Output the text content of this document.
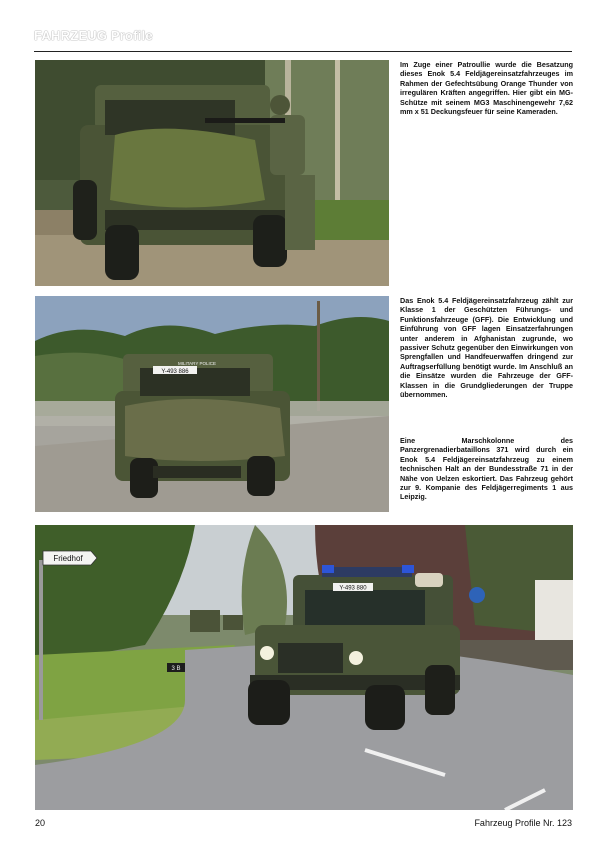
FAHRZEUG Profile
Im Zuge einer Patroullie wurde die Besatzung dieses Enok 5.4 Feldjägereinsatzfahrzeuges im Rahmen der Gefechtsübung Orange Thunder von irregulären Kräften angegriffen. Hier gibt ein MG-Schütze mit seinem MG3 Maschinengewehr 7,62 mm x 51 Deckungsfeuer für seine Kameraden.
Y-493 886
MILITARY POLICE
Das Enok 5.4 Feldjägereinsatzfahrzeug zählt zur Klasse 1 der Geschützten Führungs- und Funktionsfahrzeuge (GFF). Die Entwicklung und Einführung von GFF lagen Einsatzerfahrungen unter anderem in Afghanistan zugrunde, wo passiver Schutz gegenüber den Einwirkungen von Sprengfallen und Handfeuerwaffen dringend zur Auftragserfüllung benötigt wurde. Im Anschluß an die Einsätze wurden die Fahrzeuge der GFF-Klassen in die Grundgliederungen der Truppe übernommen.
Eine Marschkolonne des Panzergrenadierbataillons 371 wird durch ein Enok 5.4 Feldjägereinsatzfahrzeug zu einem technischen Halt an der Bundesstraße 71 in der Nähe von Uelzen eskortiert. Das Fahrzeug gehört zur 9. Kompanie des Feldjägerregiments 1 aus Leipzig.
Friedhof
3 B
Y-493 880
20	Fahrzeug Profile Nr. 123
